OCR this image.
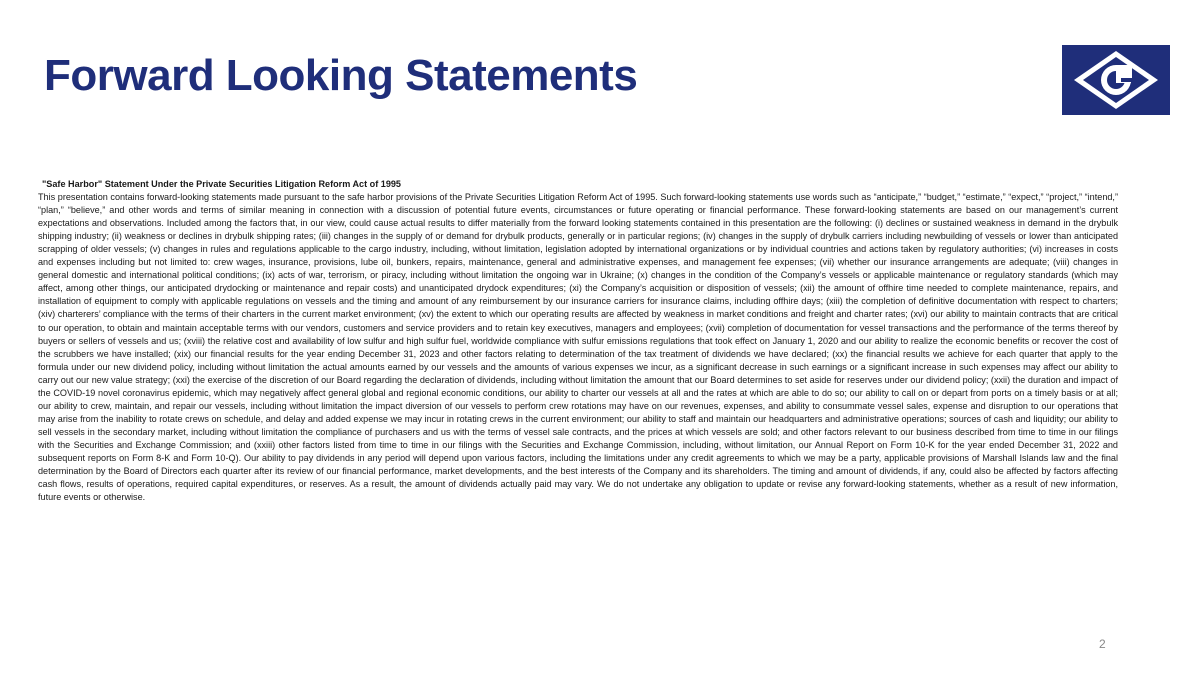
Forward Looking Statements

"Safe Harbor" Statement Under the Private Securities Litigation Reform Act of 1995

This presentation contains forward-looking statements made pursuant to the safe harbor provisions of the Private Securities Litigation Reform Act of 1995. Such forward-looking statements use words such as “anticipate,” “budget,” “estimate,” “expect,” “project,” “intend,” “plan,” “believe,” and other words and terms of similar meaning in connection with a discussion of potential future events, circumstances or future operating or financial performance. These forward-looking statements are based on our management’s current expectations and observations. Included among the factors that, in our view, could cause actual results to differ materially from the forward looking statements contained in this presentation are the following: (i) declines or sustained weakness in demand in the drybulk shipping industry; (ii) weakness or declines in drybulk shipping rates; (iii) changes in the supply of or demand for drybulk products, generally or in particular regions; (iv) changes in the supply of drybulk carriers including newbuilding of vessels or lower than anticipated scrapping of older vessels; (v) changes in rules and regulations applicable to the cargo industry, including, without limitation, legislation adopted by international organizations or by individual countries and actions taken by regulatory authorities; (vi) increases in costs and expenses including but not limited to: crew wages, insurance, provisions, lube oil, bunkers, repairs, maintenance, general and administrative expenses, and management fee expenses; (vii) whether our insurance arrangements are adequate; (viii) changes in general domestic and international political conditions; (ix) acts of war, terrorism, or piracy, including without limitation the ongoing war in Ukraine; (x) changes in the condition of the Company’s vessels or applicable maintenance or regulatory standards (which may affect, among other things, our anticipated drydocking or maintenance and repair costs) and unanticipated drydock expenditures; (xi) the Company’s acquisition or disposition of vessels; (xii) the amount of offhire time needed to complete maintenance, repairs, and installation of equipment to comply with applicable regulations on vessels and the timing and amount of any reimbursement by our insurance carriers for insurance claims, including offhire days; (xiii) the completion of definitive documentation with respect to charters; (xiv) charterers’ compliance with the terms of their charters in the current market environment; (xv) the extent to which our operating results are affected by weakness in market conditions and freight and charter rates; (xvi) our ability to maintain contracts that are critical to our operation, to obtain and maintain acceptable terms with our vendors, customers and service providers and to retain key executives, managers and employees; (xvii) completion of documentation for vessel transactions and the performance of the terms thereof by buyers or sellers of vessels and us; (xviii) the relative cost and availability of low sulfur and high sulfur fuel, worldwide compliance with sulfur emissions regulations that took effect on January 1, 2020 and our ability to realize the economic benefits or recover the cost of the scrubbers we have installed; (xix) our financial results for the year ending December 31, 2023 and other factors relating to determination of the tax treatment of dividends we have declared; (xx) the financial results we achieve for each quarter that apply to the formula under our new dividend policy, including without limitation the actual amounts earned by our vessels and the amounts of various expenses we incur, as a significant decrease in such earnings or a significant increase in such expenses may affect our ability to carry out our new value strategy; (xxi) the exercise of the discretion of our Board regarding the declaration of dividends, including without limitation the amount that our Board determines to set aside for reserves under our dividend policy; (xxii) the duration and impact of the COVID-19 novel coronavirus epidemic, which may negatively affect general global and regional economic conditions, our ability to charter our vessels at all and the rates at which are able to do so; our ability to call on or depart from ports on a timely basis or at all; our ability to crew, maintain, and repair our vessels, including without limitation the impact diversion of our vessels to perform crew rotations may have on our revenues, expenses, and ability to consummate vessel sales, expense and disruption to our operations that may arise from the inability to rotate crews on schedule, and delay and added expense we may incur in rotating crews in the current environment; our ability to staff and maintain our headquarters and administrative operations; sources of cash and liquidity; our ability to sell vessels in the secondary market, including without limitation the compliance of purchasers and us with the terms of vessel sale contracts, and the prices at which vessels are sold; and other factors relevant to our business described from time to time in our filings with the Securities and Exchange Commission; and (xxiii) other factors listed from time to time in our filings with the Securities and Exchange Commission, including, without limitation, our Annual Report on Form 10-K for the year ended December 31, 2022 and subsequent reports on Form 8-K and Form 10-Q). Our ability to pay dividends in any period will depend upon various factors, including the limitations under any credit agreements to which we may be a party, applicable provisions of Marshall Islands law and the final determination by the Board of Directors each quarter after its review of our financial performance, market developments, and the best interests of the Company and its shareholders. The timing and amount of dividends, if any, could also be affected by factors affecting cash flows, results of operations, required capital expenditures, or reserves. As a result, the amount of dividends actually paid may vary. We do not undertake any obligation to update or revise any forward-looking statements, whether as a result of new information, future events or otherwise.

2
